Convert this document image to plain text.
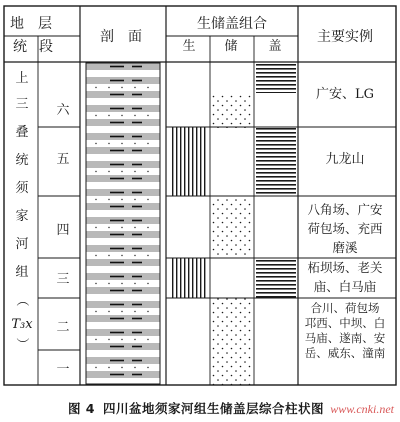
地　层
统 段
剖　面
生储盖组合
生 储 盖
主要实例
上
三
叠
统
须
家
河
组
（
T₃x
）
六
五
四
三
二
一
广安、LG
九龙山
八角场、广安荷包场、充西磨溪
柘坝场、老关庙、白马庙
合川、荷包场邛西、中坝、白马庙、遂南、安岳、威东、潼南
图 4 四川盆地须家河组生储盖层综合柱状图 www.cnki.net
